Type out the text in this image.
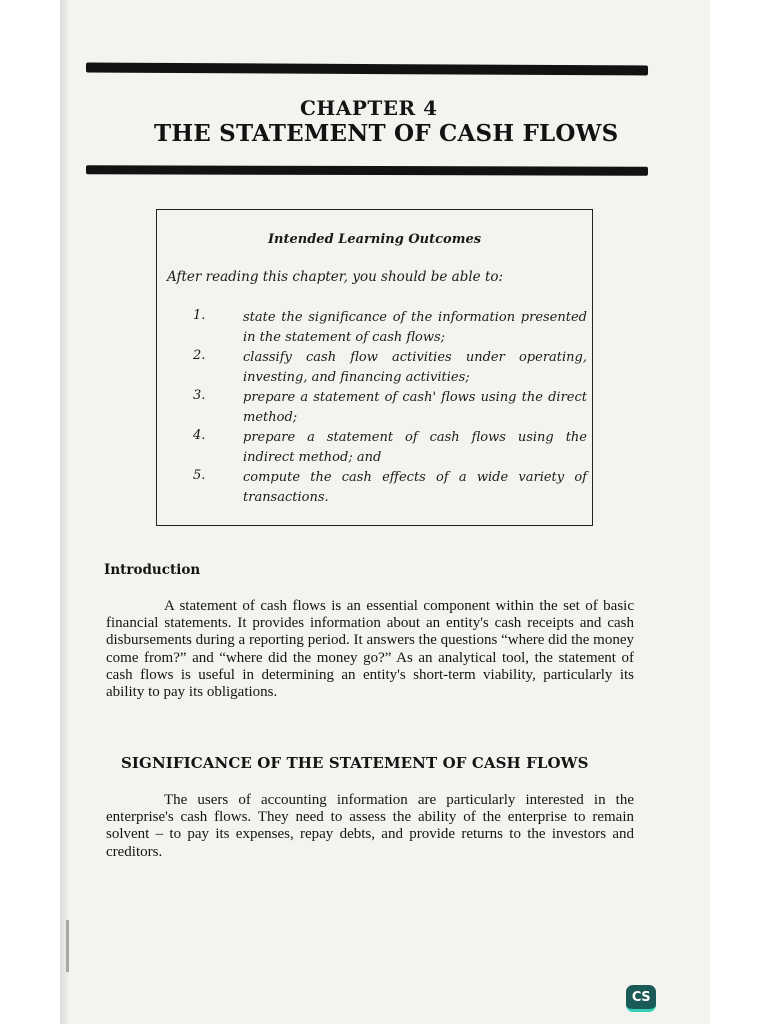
CHAPTER 4
THE STATEMENT OF CASH FLOWS
Intended Learning Outcomes
After reading this chapter, you should be able to:
1.	state the significance of the information presented in the statement of cash flows;
2.	classify cash flow activities under operating, investing, and financing activities;
3.	prepare a statement of cash' flows using the direct method;
4.	prepare a statement of cash flows using the indirect method; and
5.	compute the cash effects of a wide variety of transactions.
Introduction

A statement of cash flows is an essential component within the set of basic financial statements. It provides information about an entity's cash receipts and cash disbursements during a reporting period. It answers the questions “where did the money come from?” and “where did the money go?” As an analytical tool, the statement of cash flows is useful in determining an entity's short-term viability, particularly its ability to pay its obligations.

SIGNIFICANCE OF THE STATEMENT OF CASH FLOWS

The users of accounting information are particularly interested in the enterprise's cash flows. They need to assess the ability of the enterprise to remain solvent – to pay its expenses, repay debts, and provide returns to the investors and creditors.

CS
